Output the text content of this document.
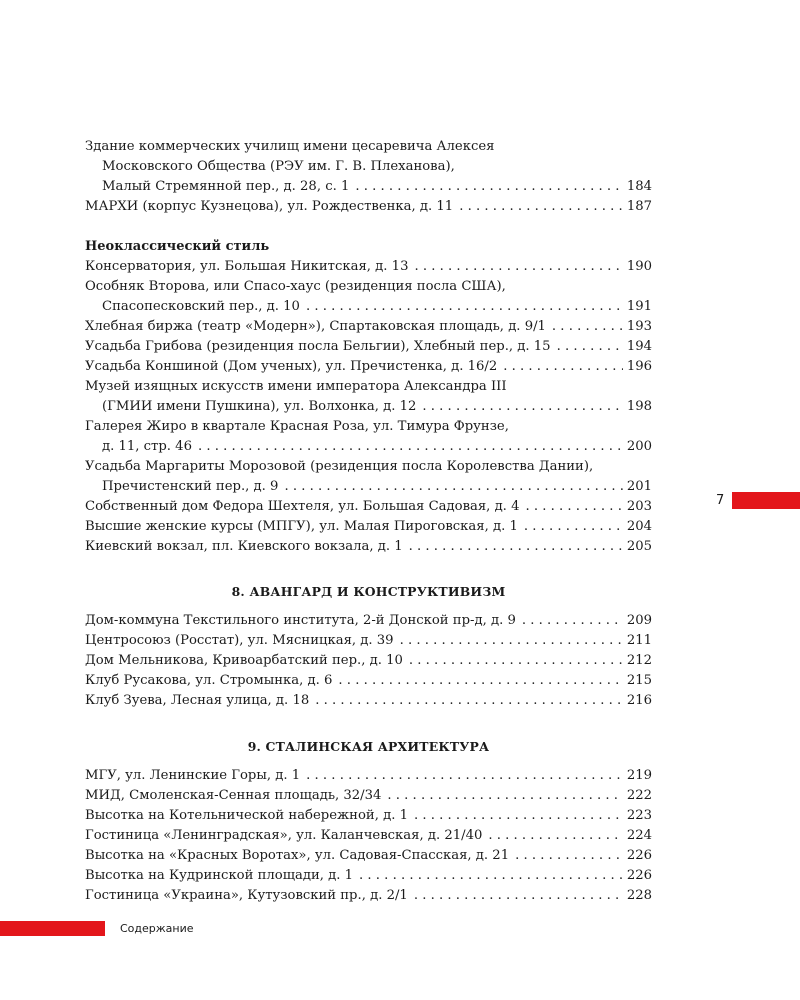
Здание коммерческих училищ имени цесаревича Алексея
Московского Общества (РЭУ им. Г. В. Плеханова),
Малый Стремянной пер., д. 28, с. 1 . . .	184
МАРХИ (корпус Кузнецова), ул. Рождественка, д. 11 . . .	187
Неоклассический стиль
Консерватория, ул. Большая Никитская, д. 13 . . .	190
Особняк Второва, или Спасо-хаус (резиденция посла США),
Спасопесковский пер., д. 10 . . .	191
Хлебная биржа (театр «Модерн»), Спартаковская площадь, д. 9/1 . . .	193
Усадьба Грибова (резиденция посла Бельгии), Хлебный пер., д. 15 . . .	194
Усадьба Коншиной (Дом ученых), ул. Пречистенка, д. 16/2 . . .	196
Музей изящных искусств имени императора Александра III
(ГМИИ имени Пушкина), ул. Волхонка, д. 12 . . .	198
Галерея Жиро в квартале Красная Роза, ул. Тимура Фрунзе,
д. 11, стр. 46 . . .	200
Усадьба Маргариты Морозовой (резиденция посла Королевства Дании),
Пречистенский пер., д. 9 . . .	201
Собственный дом Федора Шехтеля, ул. Большая Садовая, д. 4 . . .	203
Высшие женские курсы (МПГУ), ул. Малая Пироговская, д. 1 . . .	204
Киевский вокзал, пл. Киевского вокзала, д. 1 . . .	205
8. АВАНГАРД И КОНСТРУКТИВИЗМ
Дом-коммуна Текстильного института, 2-й Донской пр-д, д. 9 . . .	209
Центросоюз (Росстат), ул. Мясницкая, д. 39 . . .	211
Дом Мельникова, Кривоарбатский пер., д. 10 . . .	212
Клуб Русакова, ул. Стромынка, д. 6 . . .	215
Клуб Зуева, Лесная улица, д. 18 . . .	216
9. СТАЛИНСКАЯ АРХИТЕКТУРА
МГУ, ул. Ленинские Горы, д. 1 . . .	219
МИД, Смоленская-Сенная площадь, 32/34 . . .	222
Высотка на Котельнической набережной, д. 1 . . .	223
Гостиница «Ленинградская», ул. Каланчевская, д. 21/40 . . .	224
Высотка на «Красных Воротах», ул. Садовая-Спасская, д. 21 . . .	226
Высотка на Кудринской площади, д. 1 . . .	226
Гостиница «Украина», Кутузовский пр., д. 2/1 . . .	228
7
Содержание
